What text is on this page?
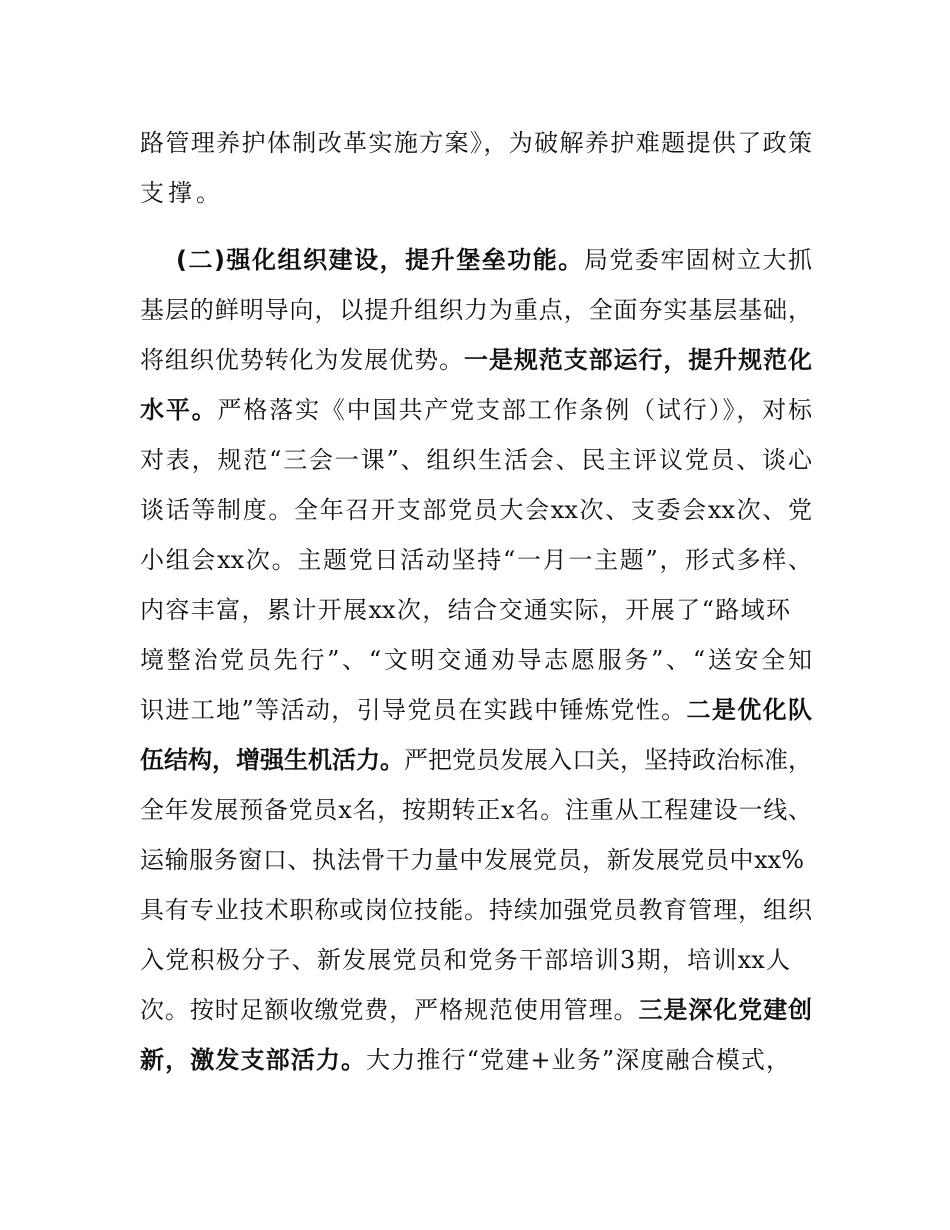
路管理养护体制改革实施方案》，为破解养护难题提供了政策
支撑。
(二)强化组织建设，提升堡垒功能。局党委牢固树立大抓
基层的鲜明导向，以提升组织力为重点，全面夯实基层基础，
将组织优势转化为发展优势。一是规范支部运行，提升规范化
水平。严格落实《中国共产党支部工作条例（试行）》，对标
对表，规范“三会一课”、组织生活会、民主评议党员、谈心
谈话等制度。全年召开支部党员大会xx次、支委会xx次、党
小组会xx次。主题党日活动坚持“一月一主题”，形式多样、
内容丰富，累计开展xx次，结合交通实际，开展了“路域环
境整治党员先行”、“文明交通劝导志愿服务”、“送安全知
识进工地”等活动，引导党员在实践中锤炼党性。二是优化队
伍结构，增强生机活力。严把党员发展入口关，坚持政治标准，
全年发展预备党员x名，按期转正x名。注重从工程建设一线、
运输服务窗口、执法骨干力量中发展党员，新发展党员中xx%
具有专业技术职称或岗位技能。持续加强党员教育管理，组织
入党积极分子、新发展党员和党务干部培训3期，培训xx人
次。按时足额收缴党费，严格规范使用管理。三是深化党建创
新，激发支部活力。大力推行“党建+业务”深度融合模式，
